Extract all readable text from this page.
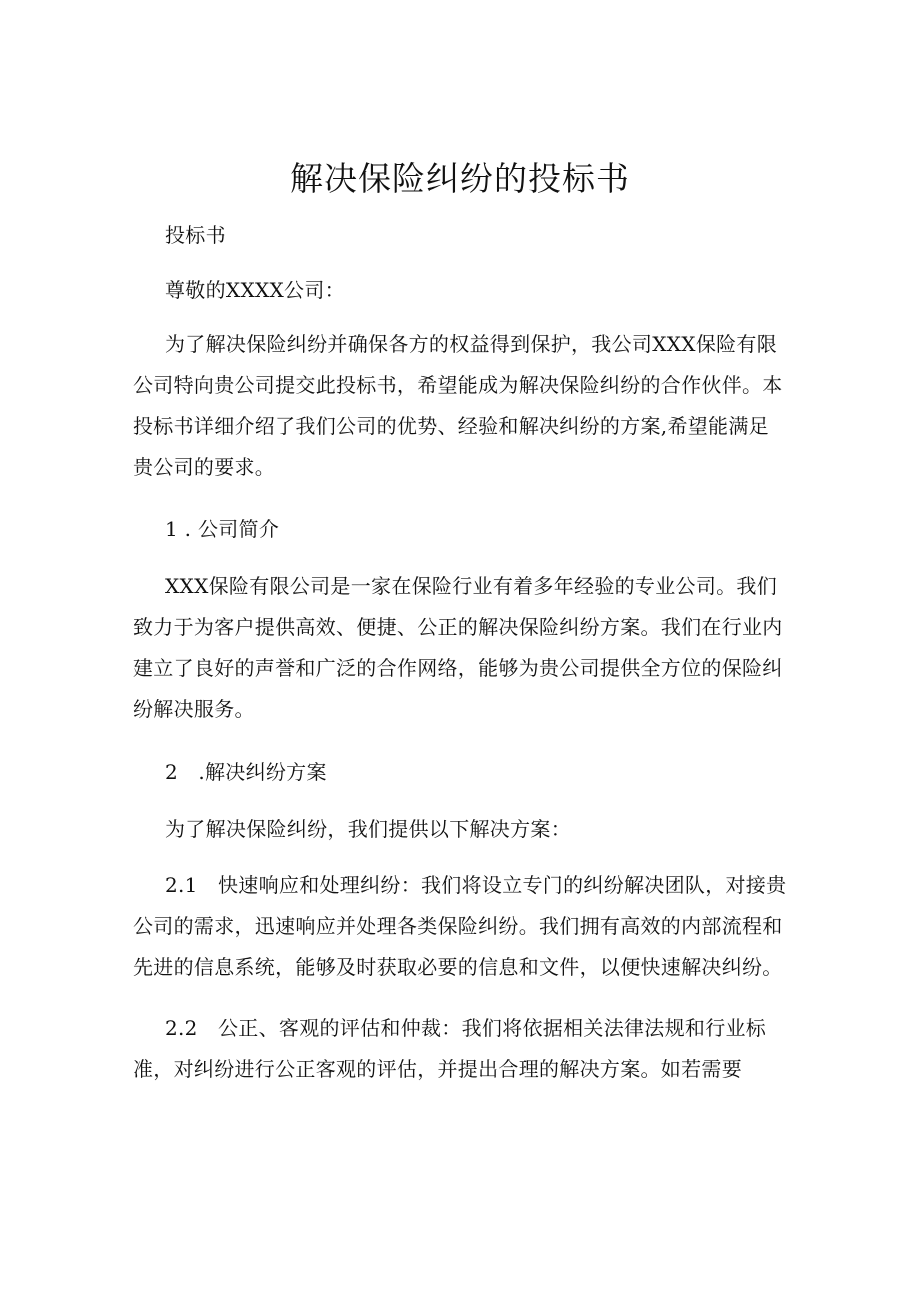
解决保险纠纷的投标书

投标书

尊敬的XXXX公司：

为了解决保险纠纷并确保各方的权益得到保护，我公司XXX保险有限公司特向贵公司提交此投标书，希望能成为解决保险纠纷的合作伙伴。本投标书详细介绍了我们公司的优势、经验和解决纠纷的方案,希望能满足贵公司的要求。

1 . 公司简介

XXX保险有限公司是一家在保险行业有着多年经验的专业公司。我们致力于为客户提供高效、便捷、公正的解决保险纠纷方案。我们在行业内建立了良好的声誉和广泛的合作网络，能够为贵公司提供全方位的保险纠纷解决服务。

2　.解决纠纷方案

为了解决保险纠纷，我们提供以下解决方案：

2.1　快速响应和处理纠纷：我们将设立专门的纠纷解决团队，对接贵公司的需求，迅速响应并处理各类保险纠纷。我们拥有高效的内部流程和先进的信息系统，能够及时获取必要的信息和文件，以便快速解决纠纷。

2.2　公正、客观的评估和仲裁：我们将依据相关法律法规和行业标准，对纠纷进行公正客观的评估，并提出合理的解决方案。如若需要
